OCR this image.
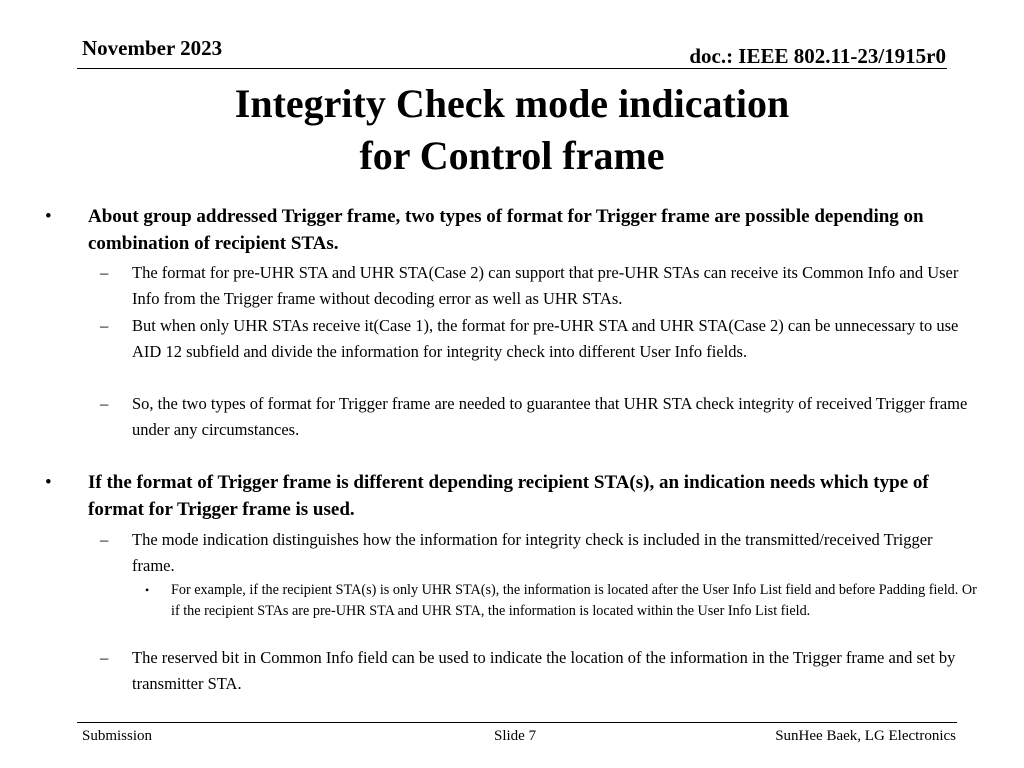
November 2023	doc.: IEEE 802.11-23/1915r0
Integrity Check mode indication
for Control frame
• About group addressed Trigger frame, two types of format for Trigger frame are possible depending on combination of recipient STAs.
– The format for pre-UHR STA and UHR STA(Case 2) can support that pre-UHR STAs can receive its Common Info and User Info from the Trigger frame without decoding error as well as UHR STAs.
– But when only UHR STAs receive it(Case 1), the format for pre-UHR STA and UHR STA(Case 2) can be unnecessary to use AID 12 subfield and divide the information for integrity check into different User Info fields.
– So, the two types of format for Trigger frame are needed to guarantee that UHR STA check integrity of received Trigger frame under any circumstances.
• If the format of Trigger frame is different depending recipient STA(s), an indication needs which type of format for Trigger frame is used.
– The mode indication distinguishes how the information for integrity check is included in the transmitted/received Trigger frame.
• For example, if the recipient STA(s) is only UHR STA(s), the information is located after the User Info List field and before Padding field. Or if the recipient STAs are pre-UHR STA and UHR STA, the information is located within the User Info List field.
– The reserved bit in Common Info field can be used to indicate the location of the information in the Trigger frame and set by transmitter STA.
Submission	Slide 7	SunHee Baek, LG Electronics
